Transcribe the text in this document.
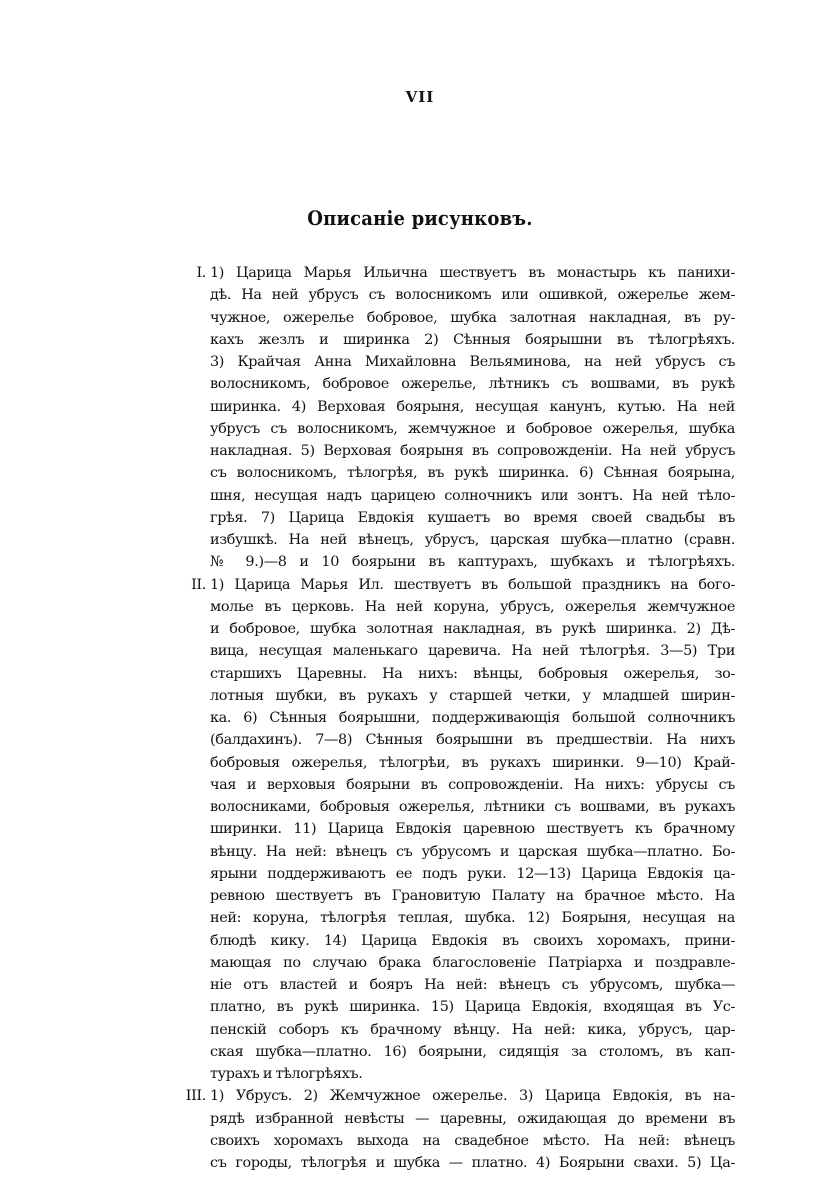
VII
Описаніе рисунковъ.
I. 1) Царица Марья Ильична шествуетъ въ монастырь къ паниxи-
дѣ. На ней убрусъ съ волосникомъ или ошивкой, ожерелье жем-
чужное, ожерелье бобровое, шубка залотная накладная, въ ру-
кахъ жезлъ и ширинка 2) Сѣнныя боярышни въ тѣлогрѣяхъ.
3) Крайчая Анна Михайловна Вельяминова, на ней убрусъ съ
волосникомъ, бобровое ожерелье, лѣтникъ съ вошвами, въ рукѣ
ширинка. 4) Верховая боярыня, несущая канунъ, кутью. На ней
убрусъ съ волосникомъ, жемчужное и бобровое ожерелья, шубка
накладная. 5) Верховая боярыня въ сопровожденіи. На ней убрусъ
съ волосникомъ, тѣлогрѣя, въ рукѣ ширинка. 6) Сѣнная боярына,
шня, несущая надъ царицею солночникъ или зонтъ. На ней тѣло-
грѣя. 7) Царица Евдокія кушаетъ во время своей свадьбы въ
избушкѣ. На ней вѣнецъ, убрусъ, царская шубка—платно (сравн.
№ 9.)—8 и 10 боярыни въ каптурахъ, шубкахъ и тѣлогрѣяхъ.
II. 1) Царица Марья Ил. шествуетъ въ большой праздникъ на бого-
молье въ церковь. На ней коруна, убрусъ, ожерелья жемчужное
и бобровое, шубка золотная накладная, въ рукѣ ширинка. 2) Дѣ-
вица, несущая маленькаго царевича. На ней тѣлогрѣя. 3—5) Три
старшихъ Царевны. На нихъ: вѣнцы, бобровыя ожерелья, зо-
лотныя шубки, въ рукахъ у старшей четки, у младшей ширин-
ка. 6) Сѣнныя боярышни, поддерживающія большой солночникъ
(балдахинъ). 7—8) Сѣнныя боярышни въ предшествіи. На нихъ
бобровыя ожерелья, тѣлогрѣи, въ рукахъ ширинки. 9—10) Край-
чая и верховыя боярыни въ сопровожденіи. На нихъ: убрусы съ
волосниками, бобровыя ожерелья, лѣтники съ вошвами, въ рукахъ
ширинки. 11) Царица Евдокія царевною шествуетъ къ брачному
вѣнцу. На ней: вѣнецъ съ убрусомъ и царская шубка—платно. Бо-
ярыни поддерживаютъ ее подъ руки. 12—13) Царица Евдокія ца-
ревною шествуетъ въ Грановитую Палату на брачное мѣсто. На
ней: коруна, тѣлогрѣя теплая, шубка. 12) Боярыня, несущая на
блюдѣ кику. 14) Царица Евдокія въ своихъ хоромахъ, прини-
мающая по случаю брака благословеніе Патріарха и поздравле-
ніе отъ властей и бояръ На ней: вѣнецъ съ убрусомъ, шубка—
платно, въ рукѣ ширинка. 15) Царица Евдокія, входящая въ Ус-
пенскій соборъ къ брачному вѣнцу. На ней: кика, убрусъ, цар-
ская шубка—платно. 16) боярыни, сидящія за столомъ, въ кап-
турахъ и тѣлогрѣяхъ.
III. 1) Убрусъ. 2) Жемчужное ожерелье. 3) Царица Евдокія, въ на-
рядѣ избранной невѣсты — царевны, ожидающая до времени въ
своихъ хоромахъ выхода на свадебное мѣсто. На ней: вѣнецъ
съ городы, тѣлогрѣя и шубка — платно. 4) Боярыни сваxи. 5) Ца-
